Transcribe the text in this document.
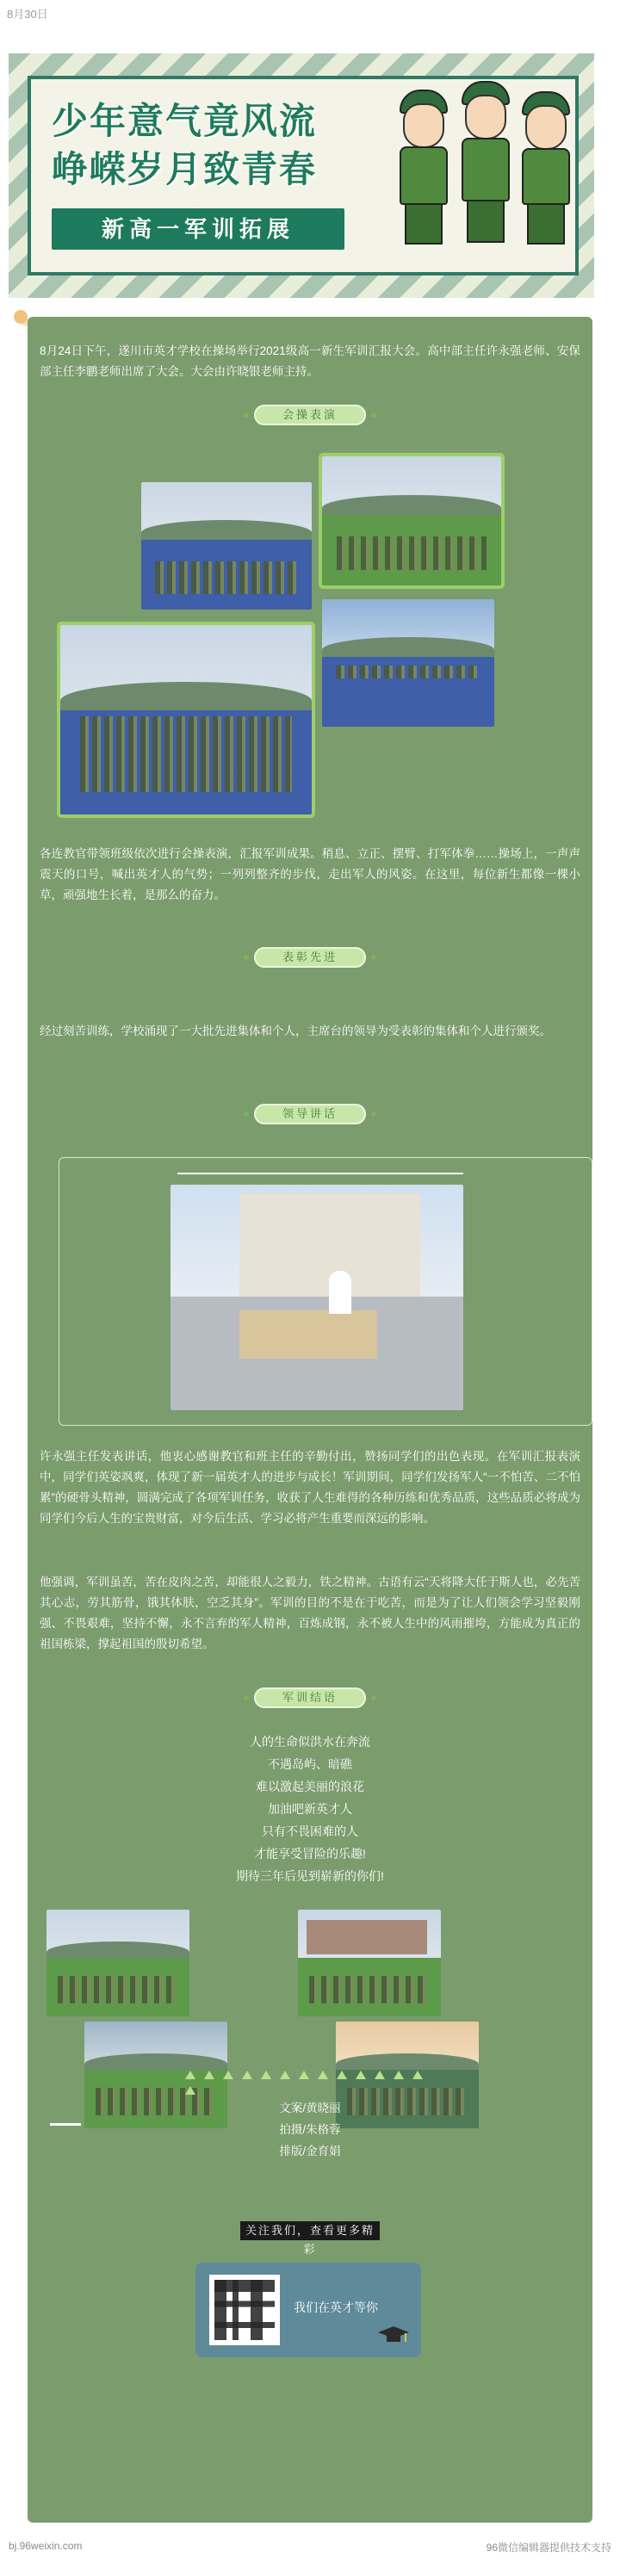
8月30日
少年意气竟风流
峥嵘岁月致青春
新高一军训拓展
8月24日下午，遂川市英才学校在操场举行2021级高一新生军训汇报大会。高中部主任许永强老师、安保部主任李鹏老师出席了大会。大会由许晓银老师主持。
会操表演
各连教官带领班级依次进行会操表演，汇报军训成果。稍息、立正、摆臂、打军体拳……操场上，一声声震天的口号，喊出英才人的气势；一列列整齐的步伐，走出军人的风姿。在这里，每位新生都像一棵小草，顽强地生长着，是那么的奋力。
表彰先进
经过刻苦训练，学校涌现了一大批先进集体和个人，主席台的领导为受表彰的集体和个人进行颁奖。
领导讲话
许永强主任发表讲话，他衷心感谢教官和班主任的辛勤付出，赞扬同学们的出色表现。在军训汇报表演中，同学们英姿飒爽，体现了新一届英才人的进步与成长！军训期间，同学们发扬军人“一不怕苦、二不怕累”的硬骨头精神，圆满完成了各项军训任务，收获了人生难得的各种历练和优秀品质，这些品质必将成为同学们今后人生的宝贵财富，对今后生活、学习必将产生重要而深远的影响。
他强调，军训虽苦，苦在皮肉之苦，却能很人之毅力，铁之精神。古语有云“天将降大任于斯人也，必先苦其心志，劳其筋骨，饿其体肤，空乏其身”。军训的目的不是在于吃苦，而是为了让人们领会学习坚毅刚强、不畏艰难，坚持不懈，永不言弃的军人精神，百炼成钢，永不被人生中的风雨摧垮，方能成为真正的祖国栋梁，撑起祖国的殷切希望。
军训结语
人的生命似洪水在奔流
不遇岛屿、暗礁
难以激起美丽的浪花
加油吧新英才人
只有不畏困难的人
才能享受冒险的乐趣!
期待三年后见到崭新的你们!
文案/黄晓丽
拍摄/朱格蓉
排版/金育娟
关注我们，查看更多精彩
我们在英才等你
bj.96weixin.com	96微信编辑器提供技术支持
